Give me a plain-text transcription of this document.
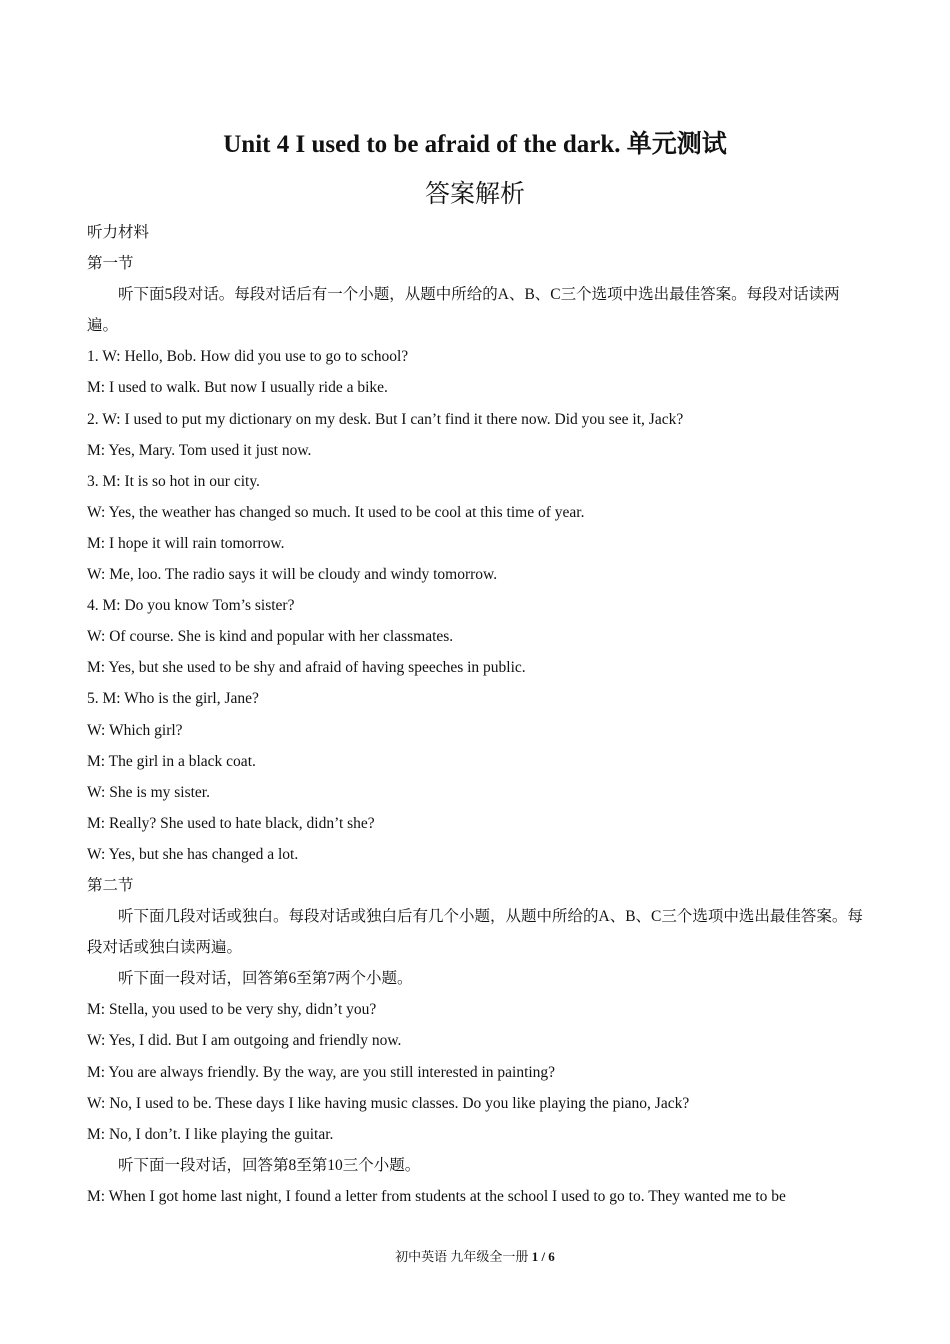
Unit 4 I used to be afraid of the dark. 单元测试
答案解析
听力材料
第一节
听下面5段对话。每段对话后有一个小题，从题中所给的A、B、C三个选项中选出最佳答案。每段对话读两遍。
1. W: Hello, Bob. How did you use to go to school?
M: I used to walk. But now I usually ride a bike.
2. W: I used to put my dictionary on my desk. But I can’t find it there now. Did you see it, Jack?
M: Yes, Mary. Tom used it just now.
3. M: It is so hot in our city.
W: Yes, the weather has changed so much. It used to be cool at this time of year.
M: I hope it will rain tomorrow.
W: Me, loo. The radio says it will be cloudy and windy tomorrow.
4. M: Do you know Tom’s sister?
W: Of course. She is kind and popular with her classmates.
M: Yes, but she used to be shy and afraid of having speeches in public.
5. M: Who is the girl, Jane?
W: Which girl?
M: The girl in a black coat.
W: She is my sister.
M: Really? She used to hate black, didn’t she?
W: Yes, but she has changed a lot.
第二节
听下面几段对话或独白。每段对话或独白后有几个小题，从题中所给的A、B、C三个选项中选出最佳答案。每段对话或独白读两遍。
听下面一段对话，回答第6至第7两个小题。
M: Stella, you used to be very shy, didn’t you?
W: Yes, I did. But I am outgoing and friendly now.
M: You are always friendly. By the way, are you still interested in painting?
W: No, I used to be. These days I like having music classes. Do you like playing the piano, Jack?
M: No, I don’t. I like playing the guitar.
听下面一段对话，回答第8至第10三个小题。
M: When I got home last night, I found a letter from students at the school I used to go to. They wanted me to be
初中英语 九年级全一册 1 / 6
